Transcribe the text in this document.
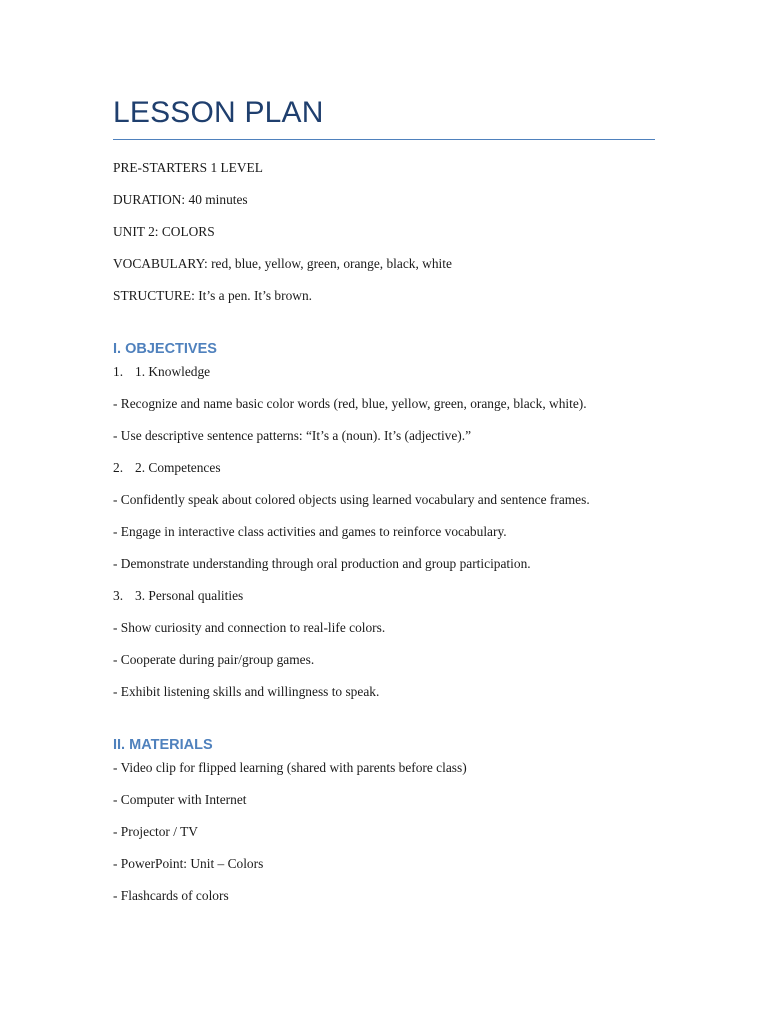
LESSON PLAN
PRE-STARTERS 1 LEVEL
DURATION: 40 minutes
UNIT 2: COLORS
VOCABULARY: red, blue, yellow, green, orange, black, white
STRUCTURE: It’s a pen. It’s brown.
I. OBJECTIVES
1. 1. Knowledge
- Recognize and name basic color words (red, blue, yellow, green, orange, black, white).
- Use descriptive sentence patterns: “It’s a (noun). It’s (adjective).”
2. 2. Competences
- Confidently speak about colored objects using learned vocabulary and sentence frames.
- Engage in interactive class activities and games to reinforce vocabulary.
- Demonstrate understanding through oral production and group participation.
3. 3. Personal qualities
- Show curiosity and connection to real-life colors.
- Cooperate during pair/group games.
- Exhibit listening skills and willingness to speak.
II. MATERIALS
- Video clip for flipped learning (shared with parents before class)
- Computer with Internet
- Projector / TV
- PowerPoint: Unit – Colors
- Flashcards of colors
